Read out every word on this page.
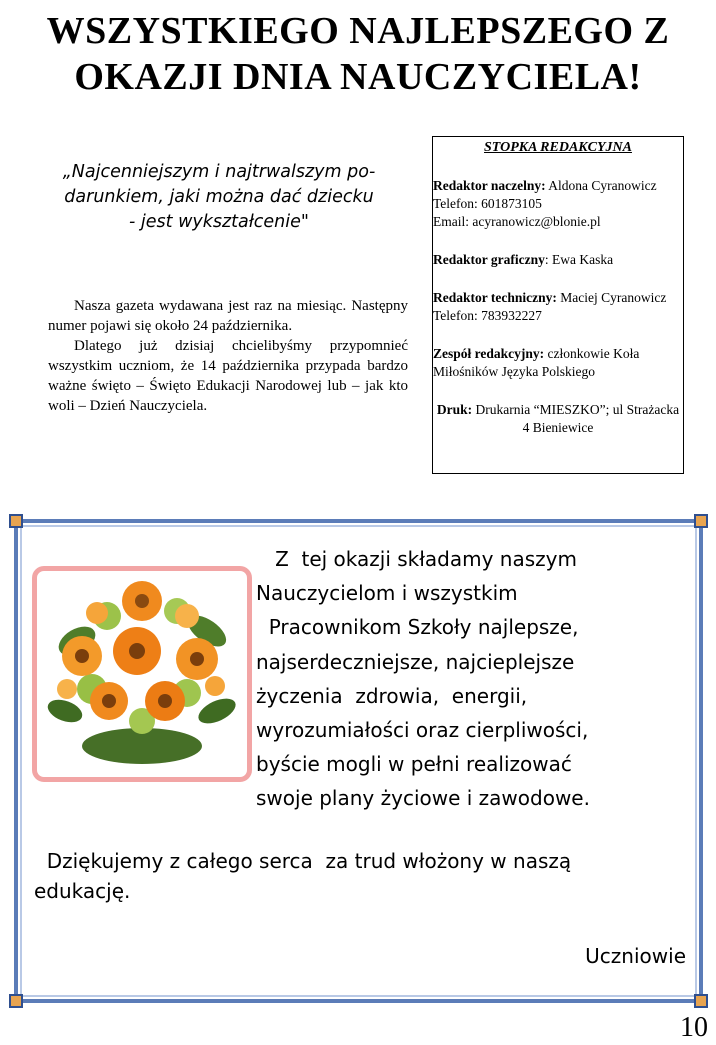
WSZYSTKIEGO NAJLEPSZEGO Z
OKAZJI DNIA NAUCZYCIELA!
„Najcenniejszym i najtrwalszym po-
darunkiem, jaki można dać dziecku
- jest wykształcenie"

Nasza gazeta wydawana jest raz na miesiąc. Następny numer pojawi się około 24 października.

Dlatego już dzisiaj chcielibyśmy przypomnieć wszystkim uczniom, że 14 października przypada bardzo ważne święto – Święto Edukacji Narodowej lub – jak kto woli – Dzień Nauczyciela.

STOPKA REDAKCYJNA
Redaktor naczelny: Aldona Cyranowicz
Telefon: 601873105
Email: acyranowicz@blonie.pl
Redaktor graficzny: Ewa Kaska
Redaktor techniczny: Maciej Cyranowicz
Telefon: 783932227
Zespół redakcyjny: członkowie Koła Miłośników Języka Polskiego
Druk: Drukarnia “MIESZKO”; ul Strażacka 4 Bieniewice
Z  tej okazji składamy naszym
Nauczycielom i wszystkim
Pracownikom Szkoły najlepsze,
najserdeczniejsze, najcieplejsze
życzenia  zdrowia,  energii,
wyrozumiałości oraz cierpliwości,
byście mogli w pełni realizować
swoje plany życiowe i zawodowe.
Dziękujemy z całego serca  za trud włożony w naszą
edukację.
Uczniowie
10
